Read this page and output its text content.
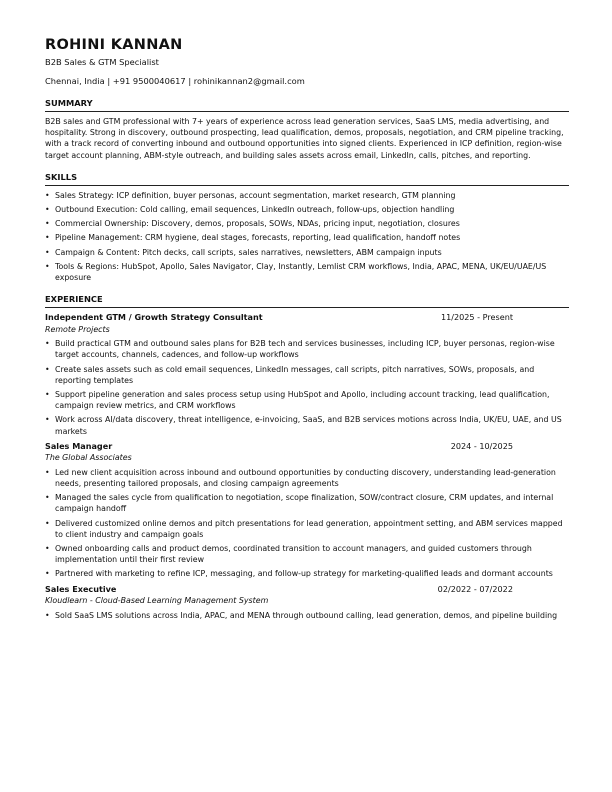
ROHINI KANNAN
B2B Sales & GTM Specialist
Chennai, India | +91 9500040617 | rohinikannan2@gmail.com
SUMMARY
B2B sales and GTM professional with 7+ years of experience across lead generation services, SaaS LMS, media advertising, and hospitality. Strong in discovery, outbound prospecting, lead qualification, demos, proposals, negotiation, and CRM pipeline tracking, with a track record of converting inbound and outbound opportunities into signed clients. Experienced in ICP definition, region-wise target account planning, ABM-style outreach, and building sales assets across email, LinkedIn, calls, pitches, and reporting.
SKILLS
• Sales Strategy: ICP definition, buyer personas, account segmentation, market research, GTM planning
• Outbound Execution: Cold calling, email sequences, LinkedIn outreach, follow-ups, objection handling
• Commercial Ownership: Discovery, demos, proposals, SOWs, NDAs, pricing input, negotiation, closures
• Pipeline Management: CRM hygiene, deal stages, forecasts, reporting, lead qualification, handoff notes
• Campaign & Content: Pitch decks, call scripts, sales narratives, newsletters, ABM campaign inputs
• Tools & Regions: HubSpot, Apollo, Sales Navigator, Clay, Instantly, Lemlist CRM workflows, India, APAC, MENA, UK/EU/UAE/US exposure
EXPERIENCE
Independent GTM / Growth Strategy Consultant	11/2025 - Present
Remote Projects
• Build practical GTM and outbound sales plans for B2B tech and services businesses, including ICP, buyer personas, region-wise target accounts, channels, cadences, and follow-up workflows
• Create sales assets such as cold email sequences, LinkedIn messages, call scripts, pitch narratives, SOWs, proposals, and reporting templates
• Support pipeline generation and sales process setup using HubSpot and Apollo, including account tracking, lead qualification, campaign review metrics, and CRM workflows
• Work across AI/data discovery, threat intelligence, e-invoicing, SaaS, and B2B services motions across India, UK/EU, UAE, and US markets
Sales Manager	2024 - 10/2025
The Global Associates
• Led new client acquisition across inbound and outbound opportunities by conducting discovery, understanding lead-generation needs, presenting tailored proposals, and closing campaign agreements
• Managed the sales cycle from qualification to negotiation, scope finalization, SOW/contract closure, CRM updates, and internal campaign handoff
• Delivered customized online demos and pitch presentations for lead generation, appointment setting, and ABM services mapped to client industry and campaign goals
• Owned onboarding calls and product demos, coordinated transition to account managers, and guided customers through implementation until their first review
• Partnered with marketing to refine ICP, messaging, and follow-up strategy for marketing-qualified leads and dormant accounts
Sales Executive	02/2022 - 07/2022
Kloudlearn - Cloud-Based Learning Management System
• Sold SaaS LMS solutions across India, APAC, and MENA through outbound calling, lead generation, demos, and pipeline building
